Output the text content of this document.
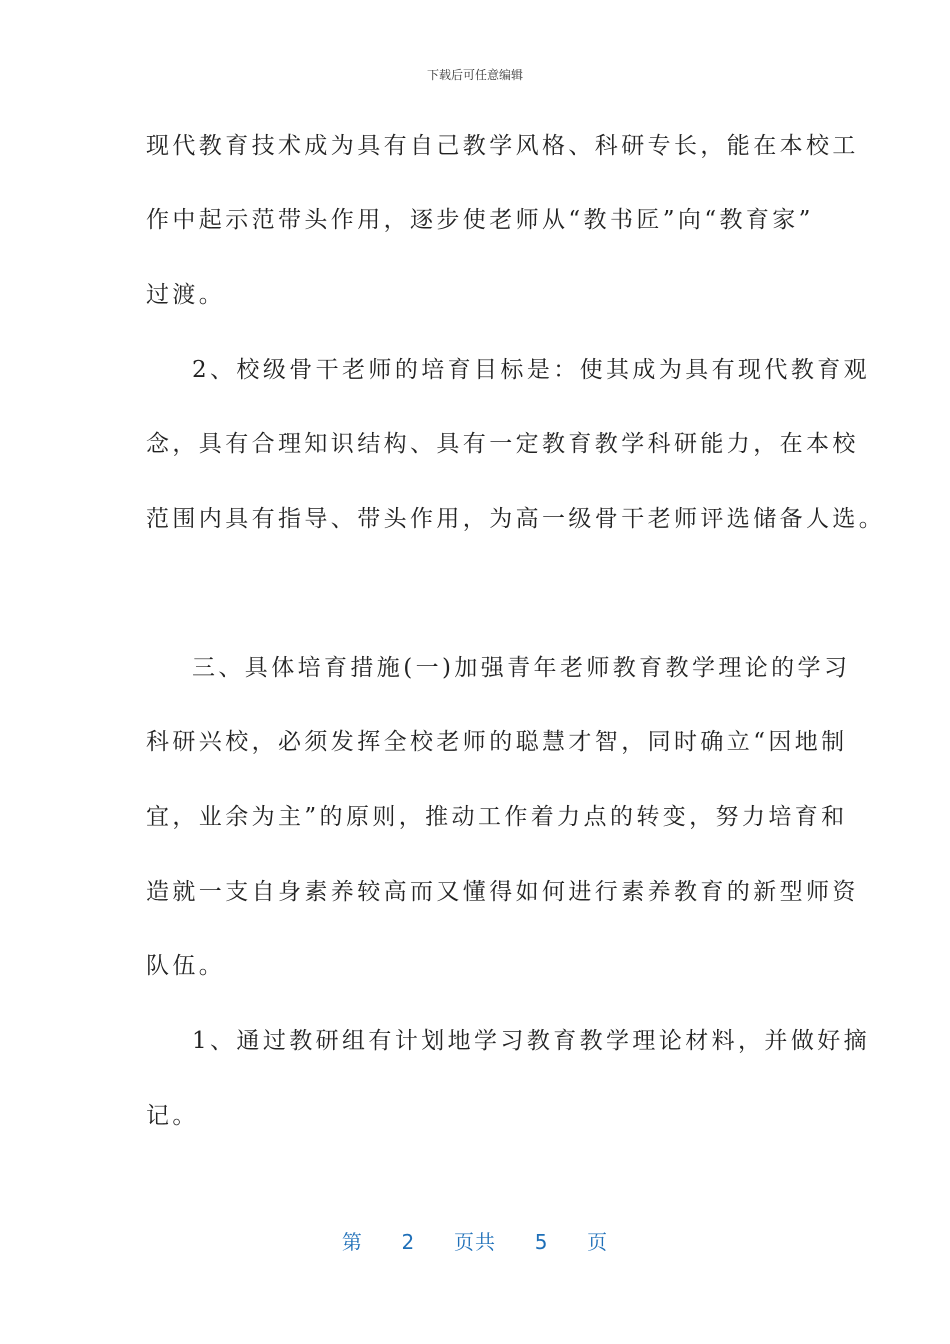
下载后可任意编辑
现代教育技术成为具有自己教学风格、科研专长，能在本校工
作中起示范带头作用，逐步使老师从“教书匠”向“教育家”
过渡。
2、校级骨干老师的培育目标是：使其成为具有现代教育观
念，具有合理知识结构、具有一定教育教学科研能力，在本校
范围内具有指导、带头作用，为高一级骨干老师评选储备人选。
三、具体培育措施(一)加强青年老师教育教学理论的学习
科研兴校，必须发挥全校老师的聪慧才智，同时确立“因地制
宜，业余为主”的原则，推动工作着力点的转变，努力培育和
造就一支自身素养较高而又懂得如何进行素养教育的新型师资
队伍。
1、通过教研组有计划地学习教育教学理论材料，并做好摘
记。
第 2 页共 5 页
